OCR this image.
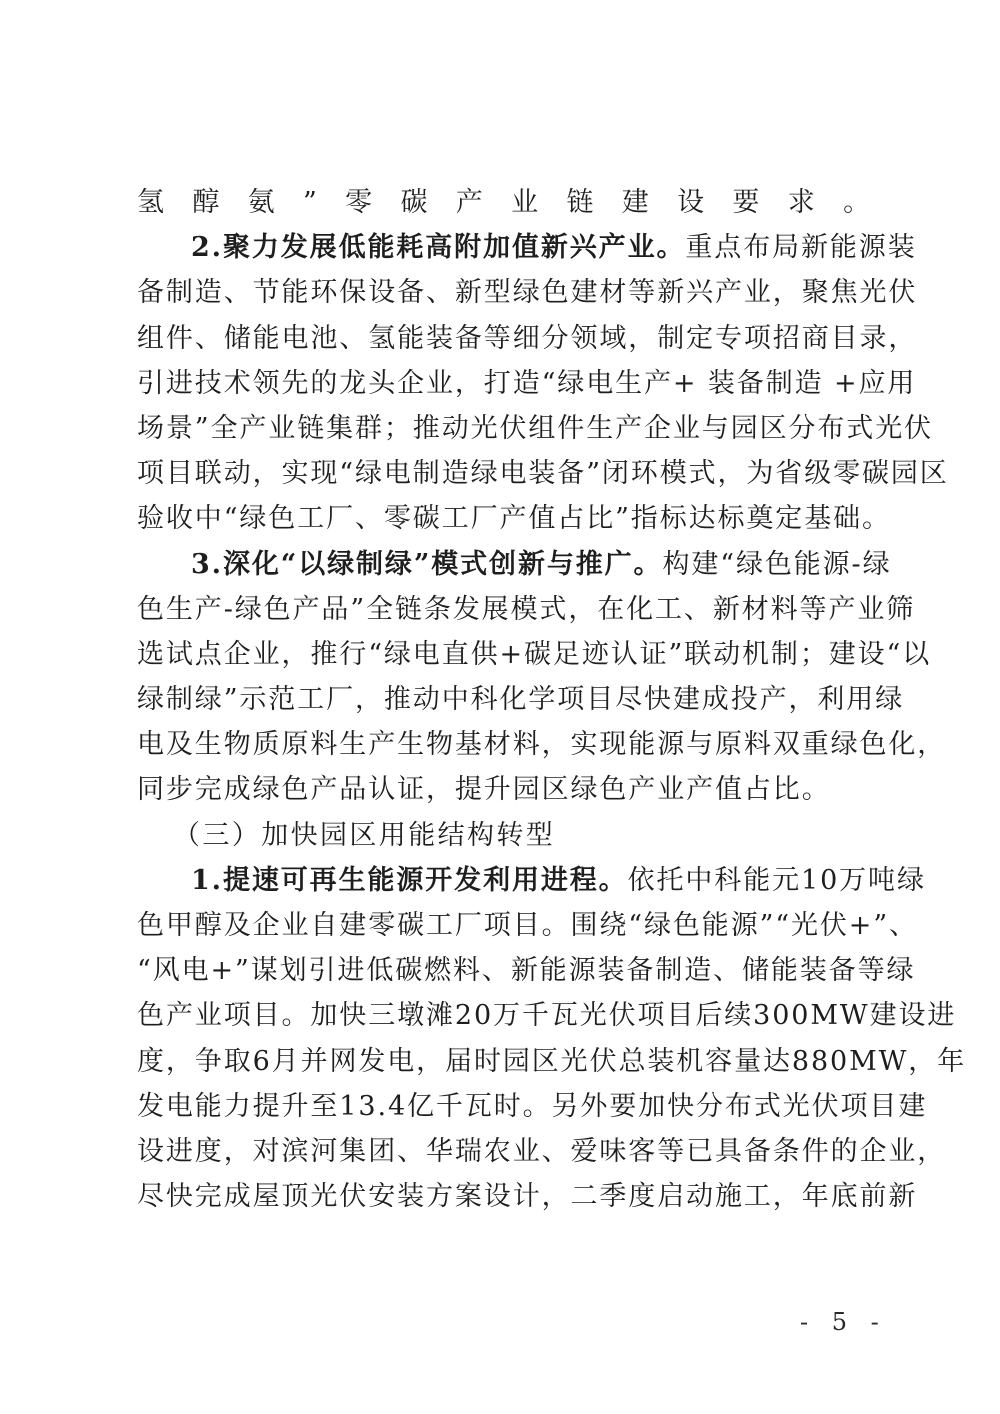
氢醇氨”零碳产业链建设要求。
2.聚力发展低能耗高附加值新兴产业。重点布局新能源装
备制造、节能环保设备、新型绿色建材等新兴产业，聚焦光伏
组件、储能电池、氢能装备等细分领域，制定专项招商目录，
引进技术领先的龙头企业，打造“绿电生产+ 装备制造 +应用
场景”全产业链集群；推动光伏组件生产企业与园区分布式光伏
项目联动，实现“绿电制造绿电装备”闭环模式，为省级零碳园区
验收中“绿色工厂、零碳工厂产值占比”指标达标奠定基础。
3.深化“以绿制绿”模式创新与推广。构建“绿色能源-绿
色生产-绿色产品”全链条发展模式，在化工、新材料等产业筛
选试点企业，推行“绿电直供+碳足迹认证”联动机制；建设“以
绿制绿”示范工厂，推动中科化学项目尽快建成投产，利用绿
电及生物质原料生产生物基材料，实现能源与原料双重绿色化，
同步完成绿色产品认证，提升园区绿色产业产值占比。
（三）加快园区用能结构转型
1.提速可再生能源开发利用进程。依托中科能元10万吨绿
色甲醇及企业自建零碳工厂项目。围绕“绿色能源”“光伏+”、
“风电+”谋划引进低碳燃料、新能源装备制造、储能装备等绿
色产业项目。加快三墩滩20万千瓦光伏项目后续300MW建设进
度，争取6月并网发电，届时园区光伏总装机容量达880MW，年
发电能力提升至13.4亿千瓦时。另外要加快分布式光伏项目建
设进度，对滨河集团、华瑞农业、爱味客等已具备条件的企业，
尽快完成屋顶光伏安装方案设计，二季度启动施工，年底前新
- 5 -
